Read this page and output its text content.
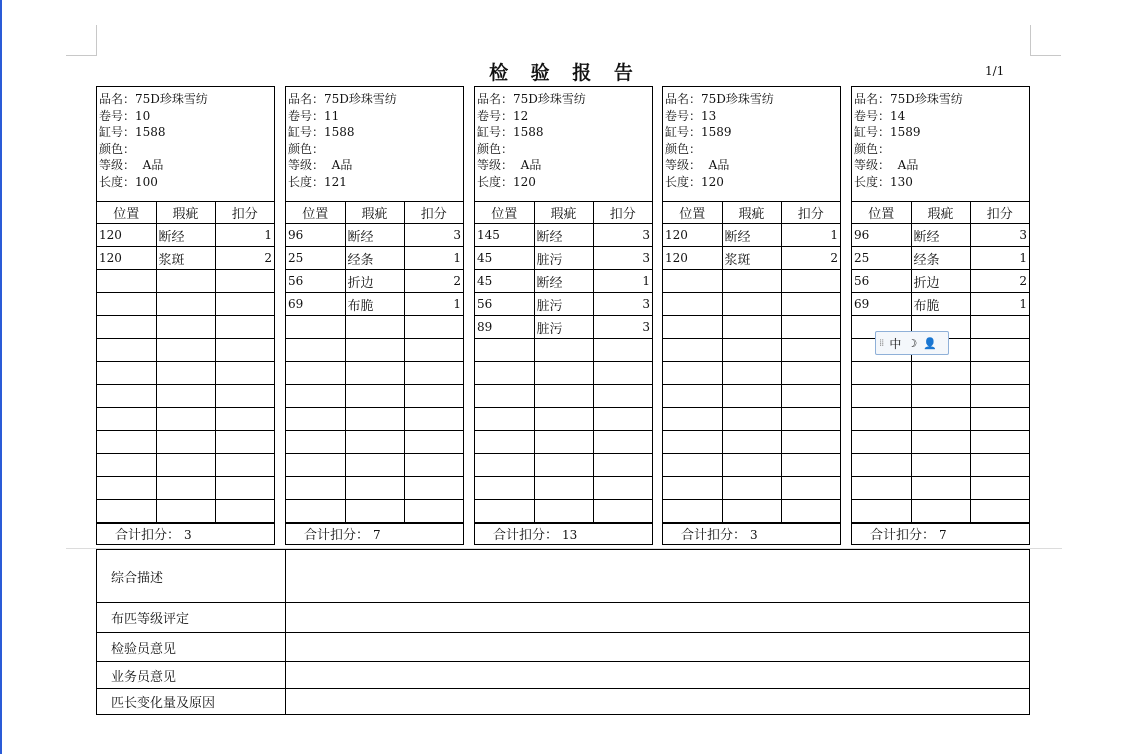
检 验 报 告	1/1
品名：75D珍珠雪纺
卷号：10
缸号：1588
颜色：
等级： A品
长度：100
位置	瑕疵	扣分
120	断经	1
120	浆斑	2

合计扣分： 3
品名：75D珍珠雪纺
卷号：11
缸号：1588
颜色：
等级： A品
长度：121
位置	瑕疵	扣分
96	断经	3
25	经条	1
56	折边	2
69	布脆	1

合计扣分： 7
品名：75D珍珠雪纺
卷号：12
缸号：1588
颜色：
等级： A品
长度：120
位置	瑕疵	扣分
145	断经	3
45	脏污	3
45	断经	1
56	脏污	3
89	脏污	3

合计扣分： 13
品名：75D珍珠雪纺
卷号：13
缸号：1589
颜色：
等级： A品
长度：120
位置	瑕疵	扣分
120	断经	1
120	浆斑	2

合计扣分： 3
品名：75D珍珠雪纺
卷号：14
缸号：1589
颜色：
等级： A品
长度：130
位置	瑕疵	扣分
96	断经	3
25	经条	1
56	折边	2
69	布脆	1

合计扣分： 7
综合描述	
布匹等级评定	
检验员意见	
业务员意见	
匹长变化量及原因	
⁞⁞ 中 ☽ 👤
